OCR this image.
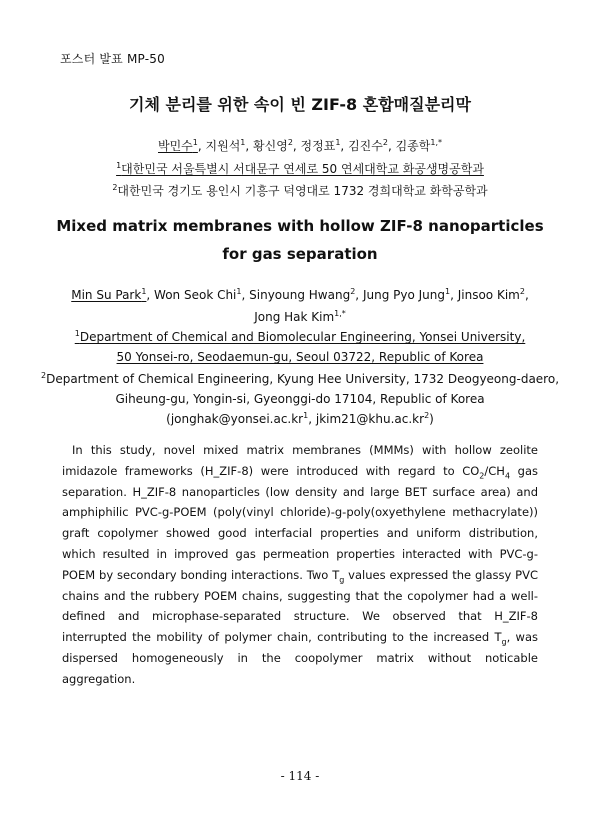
포스터 발표 MP-50
기체 분리를 위한 속이 빈 ZIF-8 혼합매질분리막
박민수$^1$, 지원석$^1$, 황신영$^2$, 정정표$^1$, 김진수$^2$, 김종학$^{1,*}$
$^1$대한민국 서울특별시 서대문구 연세로 50 연세대학교 화공생명공학과
$^2$대한민국 경기도 용인시 기흥구 덕영대로 1732 경희대학교 화학공학과
Mixed matrix membranes with hollow ZIF-8 nanoparticles
for gas separation
Min Su Park$^1$, Won Seok Chi$^1$, Sinyoung Hwang$^2$, Jung Pyo Jung$^1$, Jinsoo Kim$^2$,
Jong Hak Kim$^{1,*}$
$^1$Department of Chemical and Biomolecular Engineering, Yonsei University,
50 Yonsei-ro, Seodaemun-gu, Seoul 03722, Republic of Korea
$^2$Department of Chemical Engineering, Kyung Hee University, 1732 Deogyeong-daero,
Giheung-gu, Yongin-si, Gyeonggi-do 17104, Republic of Korea
($jonghak@yonsei.ac.kr^1$, $jkim21@khu.ac.kr^2$)

In this study, novel mixed matrix membranes (MMMs) with hollow zeolite imidazole frameworks (H_ZIF-8) were introduced with regard to $CO_2/CH_4$ gas separation. H_ZIF-8 nanoparticles (low density and large BET surface area) and amphiphilic PVC-g-POEM (poly(vinyl chloride)-g-poly(oxyethylene methacrylate)) graft copolymer showed good interfacial properties and uniform distribution, which resulted in improved gas permeation properties interacted with PVC-g-POEM by secondary bonding interactions. Two $T_g$ values expressed the glassy PVC chains and the rubbery POEM chains, suggesting that the copolymer had a well-defined and microphase-separated structure. We observed that H_ZIF-8 interrupted the mobility of polymer chain, contributing to the increased $T_g$, was dispersed homogeneously in the coopolymer matrix without noticable aggregation.

- 114 -
